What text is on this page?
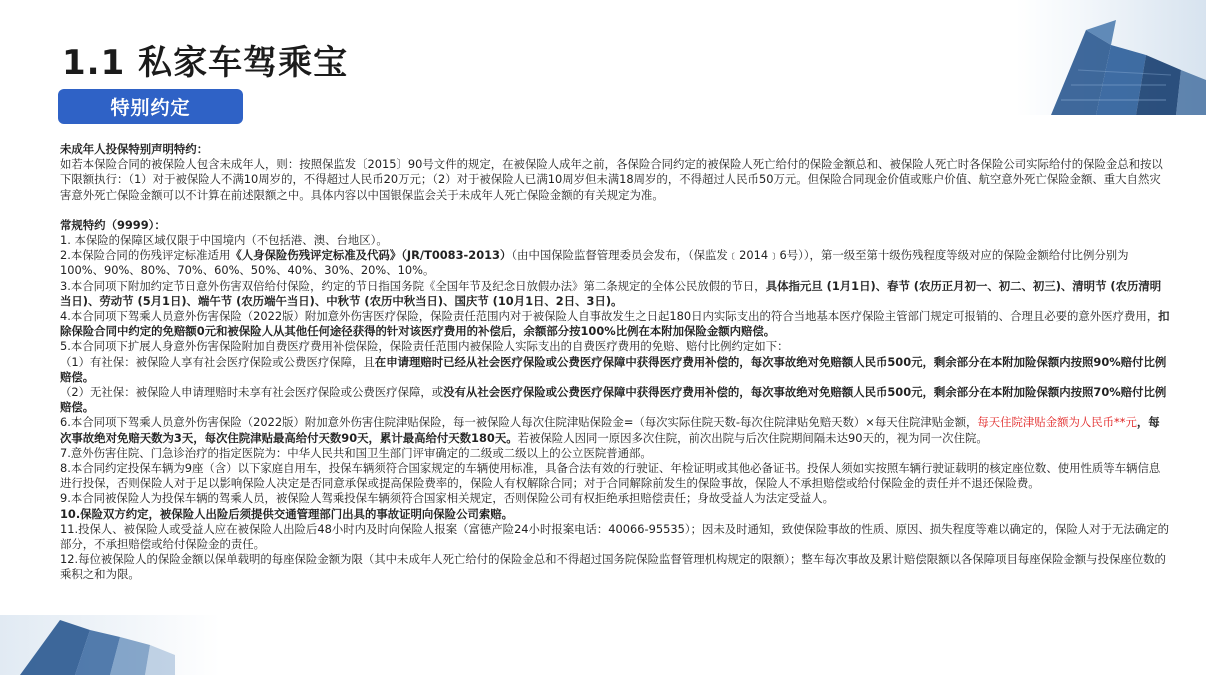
1.1 私家车驾乘宝
特别约定

未成年人投保特别声明特约：

如若本保险合同的被保险人包含未成年人，则：按照保监发〔2015〕90号文件的规定，在被保险人成年之前，各保险合同约定的被保险人死亡给付的保险金额总和、被保险人死亡时各保险公司实际给付的保险金总和按以下限额执行：（1）对于被保险人不满10周岁的，不得超过人民币20万元；（2）对于被保险人已满10周岁但未满18周岁的，不得超过人民币50万元。但保险合同现金价值或账户价值、航空意外死亡保险金额、重大自然灾害意外死亡保险金额可以不计算在前述限额之中。具体内容以中国银保监会关于未成年人死亡保险金额的有关规定为准。

常规特约（9999）：

1. 本保险的保障区域仅限于中国境内（不包括港、澳、台地区）。

2.本保险合同的伤残评定标准适用《人身保险伤残评定标准及代码》（JR/T0083-2013）（由中国保险监督管理委员会发布，（保监发﹝2014﹞6号）），第一级至第十级伤残程度等级对应的保险金额给付比例分别为100%、90%、80%、70%、60%、50%、40%、30%、20%、10%。

3.本合同项下附加约定节日意外伤害双倍给付保险，约定的节日指国务院《全国年节及纪念日放假办法》第二条规定的全体公民放假的节日，具体指元旦 (1月1日)、春节 (农历正月初一、初二、初三)、清明节 (农历清明当日)、劳动节 (5月1日)、端午节 (农历端午当日)、中秋节 (农历中秋当日)、国庆节 (10月1日、2日、3日)。

4.本合同项下驾乘人员意外伤害保险（2022版）附加意外伤害医疗保险，保险责任范围内对于被保险人自事故发生之日起180日内实际支出的符合当地基本医疗保险主管部门规定可报销的、合理且必要的意外医疗费用，扣除保险合同中约定的免赔额0元和被保险人从其他任何途径获得的针对该医疗费用的补偿后，余额部分按100%比例在本附加保险金额内赔偿。

5.本合同项下扩展人身意外伤害保险附加自费医疗费用补偿保险，保险责任范围内被保险人实际支出的自费医疗费用的免赔、赔付比例约定如下：

（1）有社保：被保险人享有社会医疗保险或公费医疗保障，且在申请理赔时已经从社会医疗保险或公费医疗保障中获得医疗费用补偿的，每次事故绝对免赔额人民币500元，剩余部分在本附加险保额内按照90%赔付比例赔偿。

（2）无社保：被保险人申请理赔时未享有社会医疗保险或公费医疗保障，或没有从社会医疗保险或公费医疗保障中获得医疗费用补偿的，每次事故绝对免赔额人民币500元，剩余部分在本附加险保额内按照70%赔付比例赔偿。

6.本合同项下驾乘人员意外伤害保险（2022版）附加意外伤害住院津贴保险，每一被保险人每次住院津贴保险金=（每次实际住院天数-每次住院津贴免赔天数）×每天住院津贴金额，每天住院津贴金额为人民币**元，每次事故绝对免赔天数为3天，每次住院津贴最高给付天数90天，累计最高给付天数180天。若被保险人因同一原因多次住院，前次出院与后次住院期间隔未达90天的，视为同一次住院。

7.意外伤害住院、门急诊治疗的指定医院为：中华人民共和国卫生部门评审确定的二级或二级以上的公立医院普通部。

8.本合同约定投保车辆为9座（含）以下家庭自用车，投保车辆须符合国家规定的车辆使用标准，具备合法有效的行驶证、年检证明或其他必备证书。投保人须如实按照车辆行驶证载明的核定座位数、使用性质等车辆信息进行投保，否则保险人对于足以影响保险人决定是否同意承保或提高保险费率的，保险人有权解除合同；对于合同解除前发生的保险事故，保险人不承担赔偿或给付保险金的责任并不退还保险费。

9.本合同被保险人为投保车辆的驾乘人员，被保险人驾乘投保车辆须符合国家相关规定，否则保险公司有权拒绝承担赔偿责任；身故受益人为法定受益人。

10.保险双方约定，被保险人出险后须提供交通管理部门出具的事故证明向保险公司索赔。

11.投保人、被保险人或受益人应在被保险人出险后48小时内及时向保险人报案（富德产险24小时报案电话：40066-95535）；因未及时通知，致使保险事故的性质、原因、损失程度等难以确定的，保险人对于无法确定的部分，不承担赔偿或给付保险金的责任。

12.每位被保险人的保险金额以保单载明的每座保险金额为限（其中未成年人死亡给付的保险金总和不得超过国务院保险监督管理机构规定的限额）；整车每次事故及累计赔偿限额以各保障项目每座保险金额与投保座位数的乘积之和为限。
